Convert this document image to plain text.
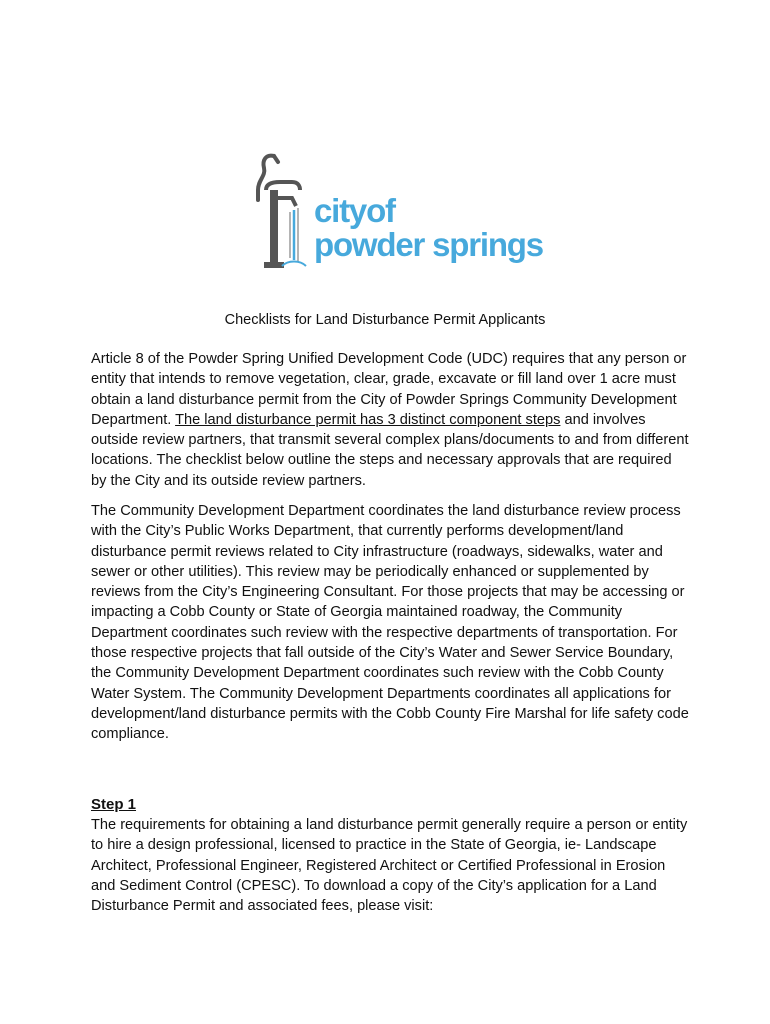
cityof
powder springs
Checklists for Land Disturbance Permit Applicants

Article 8 of the Powder Spring Unified Development Code (UDC) requires that any person or entity that intends to remove vegetation, clear, grade, excavate or fill land over 1 acre must obtain a land disturbance permit from the City of Powder Springs Community Development Department. The land disturbance permit has 3 distinct component steps and involves outside review partners, that transmit several complex plans/documents to and from different locations. The checklist below outline the steps and necessary approvals that are required by the City and its outside review partners.

The Community Development Department coordinates the land disturbance review process with the City’s Public Works Department, that currently performs development/land disturbance permit reviews related to City infrastructure (roadways, sidewalks, water and sewer or other utilities). This review may be periodically enhanced or supplemented by reviews from the City’s Engineering Consultant. For those projects that may be accessing or impacting a Cobb County or State of Georgia maintained roadway, the Community Department coordinates such review with the respective departments of transportation. For those respective projects that fall outside of the City’s Water and Sewer Service Boundary, the Community Development Department coordinates such review with the Cobb County Water System. The Community Development Departments coordinates all applications for development/land disturbance permits with the Cobb County Fire Marshal for life safety code compliance.

Step 1

The requirements for obtaining a land disturbance permit generally require a person or entity to hire a design professional, licensed to practice in the State of Georgia, ie- Landscape Architect, Professional Engineer, Registered Architect or Certified Professional in Erosion and Sediment Control (CPESC). To download a copy of the City’s application for a Land Disturbance Permit and associated fees, please visit:
